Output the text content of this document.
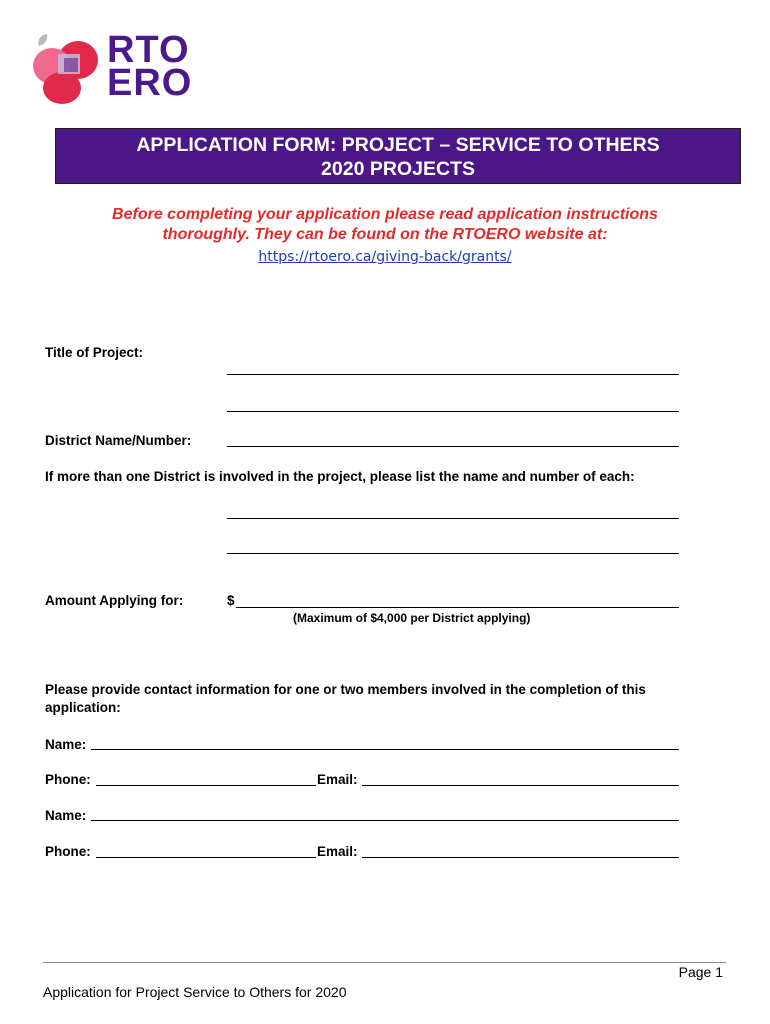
RTO
ERO
APPLICATION FORM: PROJECT – SERVICE TO OTHERS
2020 PROJECTS
Before completing your application please read application instructions
thoroughly. They can be found on the RTOERO website at:
https://rtoero.ca/giving-back/grants/
Title of Project:
District Name/Number:
If more than one District is involved in the project, please list the name and number of each:
Amount Applying for:	$
(Maximum of $4,000 per District applying)
Please provide contact information for one or two members involved in the completion of this
application:
Name:
Phone:	Email:
Name:
Phone:	Email:
Page 1
Application for Project Service to Others for 2020
